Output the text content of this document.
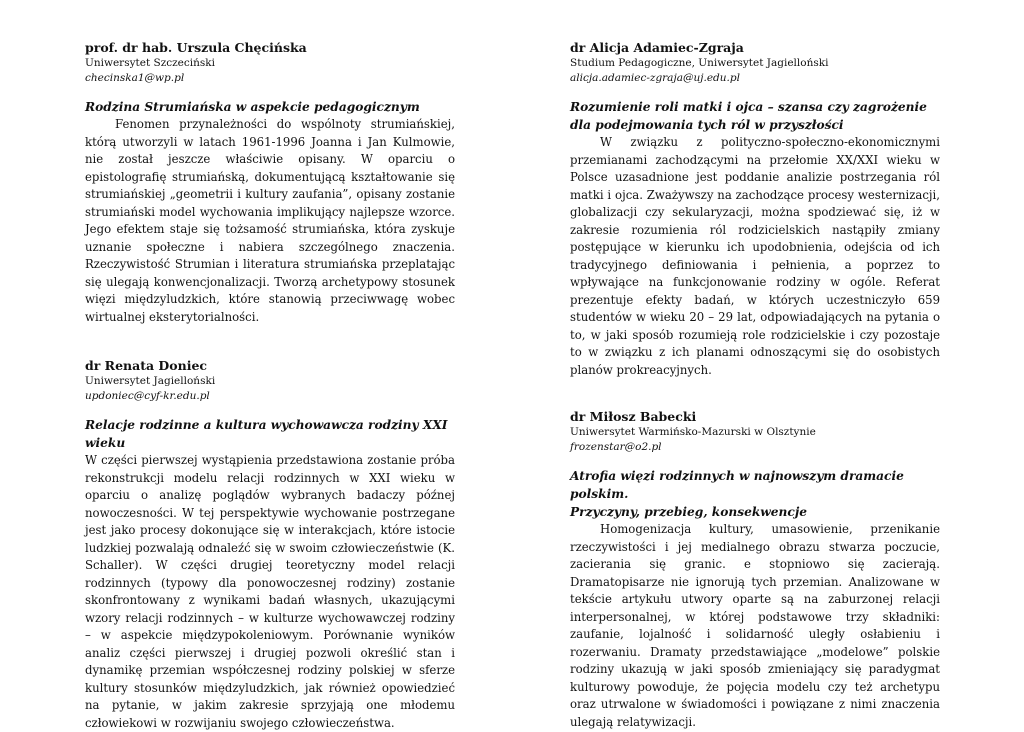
prof. dr hab. Urszula Chęcińska
Uniwersytet Szczeciński
checinska1@wp.pl
Rodzina Strumiańska w aspekcie pedagogicznym

Fenomen przynależności do wspólnoty strumiańskiej, którą utworzyli w latach 1961-1996 Joanna i Jan Kulmowie, nie został jeszcze właściwie opisany. W oparciu o epistolografię strumiańską, dokumentującą kształtowanie się strumiańskiej „geometrii i kultury zaufania”, opisany zostanie strumiański model wychowania implikujący najlepsze wzorce. Jego efektem staje się tożsamość strumiańska, która zyskuje uznanie społeczne i nabiera szczególnego znaczenia. Rzeczywistość Strumian i literatura strumiańska przeplatając się ulegają konwencjonalizacji. Tworzą archetypowy stosunek więzi międzyludzkich, które stanowią przeciwwagę wobec wirtualnej eksterytorialności.

dr Renata Doniec
Uniwersytet Jagielloński
updoniec@cyf-kr.edu.pl
Relacje rodzinne a kultura wychowawcza rodziny XXI wieku

W części pierwszej wystąpienia przedstawiona zostanie próba rekonstrukcji modelu relacji rodzinnych w XXI wieku w oparciu o analizę poglądów wybranych badaczy późnej nowoczesności. W tej perspektywie wychowanie postrzegane jest jako procesy dokonujące się w interakcjach, które istocie ludzkiej pozwalają odnaleźć się w swoim człowieczeństwie (K. Schaller). W części drugiej teoretyczny model relacji rodzinnych (typowy dla ponowoczesnej rodziny) zostanie skonfrontowany z wynikami badań własnych, ukazującymi wzory relacji rodzinnych – w kulturze wychowawczej rodziny – w aspekcie międzypokoleniowym. Porównanie wyników analiz części pierwszej i drugiej pozwoli określić stan i dynamikę przemian współczesnej rodziny polskiej w sferze kultury stosunków międzyludzkich, jak również opowiedzieć na pytanie, w jakim zakresie sprzyjają one młodemu człowiekowi w rozwijaniu swojego człowieczeństwa.

dr Alicja Adamiec-Zgraja
Studium Pedagogiczne, Uniwersytet Jagielloński
alicja.adamiec-zgraja@uj.edu.pl
Rozumienie roli matki i ojca – szansa czy zagrożenie
dla podejmowania tych ról w przyszłości

W związku z polityczno-społeczno-ekonomicznymi przemianami zachodzącymi na przełomie XX/XXI wieku w Polsce uzasadnione jest poddanie analizie postrzegania ról matki i ojca. Zważywszy na zachodzące procesy westernizacji, globalizacji czy sekularyzacji, można spodziewać się, iż w zakresie rozumienia ról rodzicielskich nastąpiły zmiany postępujące w kierunku ich upodobnienia, odejścia od ich tradycyjnego definiowania i pełnienia, a poprzez to wpływające na funkcjonowanie rodziny w ogóle. Referat prezentuje efekty badań, w których uczestniczyło 659 studentów w wieku 20 – 29 lat, odpowiadających na pytania o to, w jaki sposób rozumieją role rodzicielskie i czy pozostaje to w związku z ich planami odnoszącymi się do osobistych planów prokreacyjnych.

dr Miłosz Babecki
Uniwersytet Warmińsko-Mazurski w Olsztynie
frozenstar@o2.pl
Atrofia więzi rodzinnych w najnowszym dramacie polskim.
Przyczyny, przebieg, konsekwencje

Homogenizacja kultury, umasowienie, przenikanie rzeczywistości i jej medialnego obrazu stwarza poczucie, zacierania się granic. e stopniowo się zacierają. Dramatopisarze nie ignorują tych przemian. Analizowane w tekście artykułu utwory oparte są na zaburzonej relacji interpersonalnej, w której podstawowe trzy składniki: zaufanie, lojalność i solidarność uległy osłabieniu i rozerwaniu. Dramaty przedstawiające „modelowe” polskie rodziny ukazują w jaki sposób zmieniający się paradygmat kulturowy powoduje, że pojęcia modelu czy też archetypu oraz utrwalone w świadomości i powiązane z nimi znaczenia ulegają relatywizacji.
